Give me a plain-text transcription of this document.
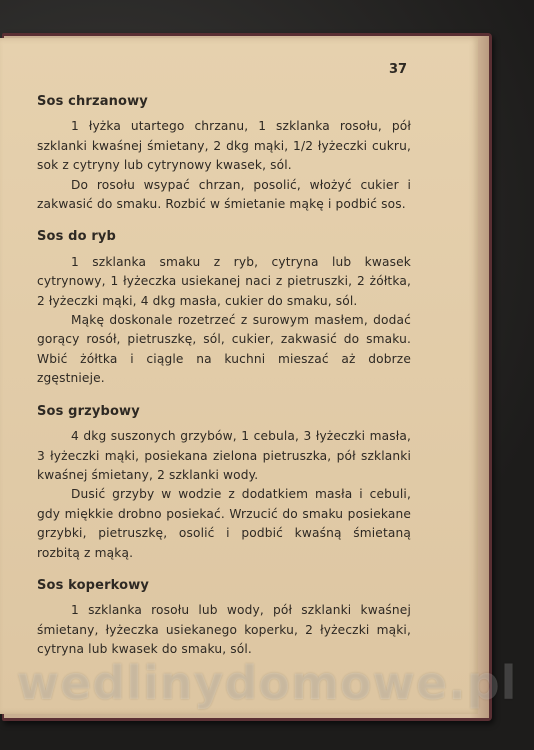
37
Sos chrzanowy

1 łyżka utartego chrzanu, 1 szklanka rosołu, pół szklanki kwaśnej śmietany, 2 dkg mąki, 1/2 łyżeczki cukru, sok z cytryny lub cytrynowy kwasek, sól.

Do rosołu wsypać chrzan, posolić, włożyć cukier i zakwasić do smaku. Rozbić w śmietanie mąkę i podbić sos.

Sos do ryb

1 szklanka smaku z ryb, cytryna lub kwasek cytrynowy, 1 łyżeczka usiekanej naci z pietruszki, 2 żółtka, 2 łyżeczki mąki, 4 dkg masła, cukier do smaku, sól.

Mąkę doskonale rozetrzeć z surowym masłem, dodać gorący rosół, pietruszkę, sól, cukier, zakwasić do smaku. Wbić żółtka i ciągle na kuchni mieszać aż dobrze zgęstnieje.

Sos grzybowy

4 dkg suszonych grzybów, 1 cebula, 3 łyżeczki masła, 3 łyżeczki mąki, posiekana zielona pietruszka, pół szklanki kwaśnej śmietany, 2 szklanki wody.

Dusić grzyby w wodzie z dodatkiem masła i cebuli, gdy miękkie drobno posiekać. Wrzucić do smaku posiekane grzybki, pietruszkę, osolić i podbić kwaśną śmietaną rozbitą z mąką.

Sos koperkowy

1 szklanka rosołu lub wody, pół szklanki kwaśnej śmietany, łyżeczka usiekanego koperku, 2 łyżeczki mąki, cytryna lub kwasek do smaku, sól.

wedlinydomowe.pl
